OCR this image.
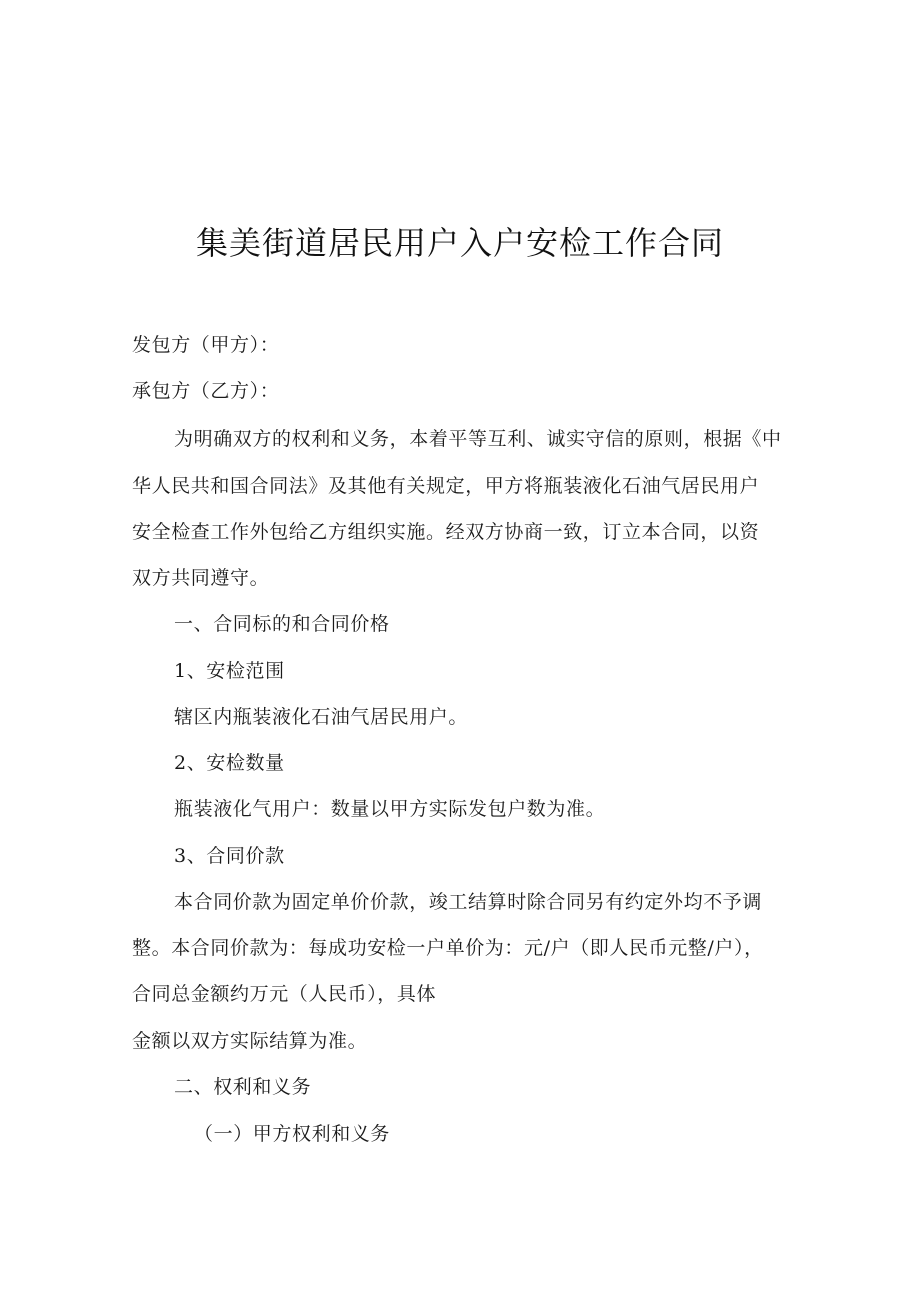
集美街道居民用户入户安检工作合同

发包方（甲方）：

承包方（乙方）：

为明确双方的权利和义务，本着平等互利、诚实守信的原则，根据《中

华人民共和国合同法》及其他有关规定，甲方将瓶装液化石油气居民用户

安全检查工作外包给乙方组织实施。经双方协商一致，订立本合同，以资

双方共同遵守。

一、合同标的和合同价格

1、安检范围

辖区内瓶装液化石油气居民用户。

2、安检数量

瓶装液化气用户：数量以甲方实际发包户数为准。

3、合同价款

本合同价款为固定单价价款，竣工结算时除合同另有约定外均不予调

整。本合同价款为：每成功安检一户单价为：元/户（即人民币元整/户），

合同总金额约万元（人民币），具体

金额以双方实际结算为准。

二、权利和义务

（一）甲方权利和义务
